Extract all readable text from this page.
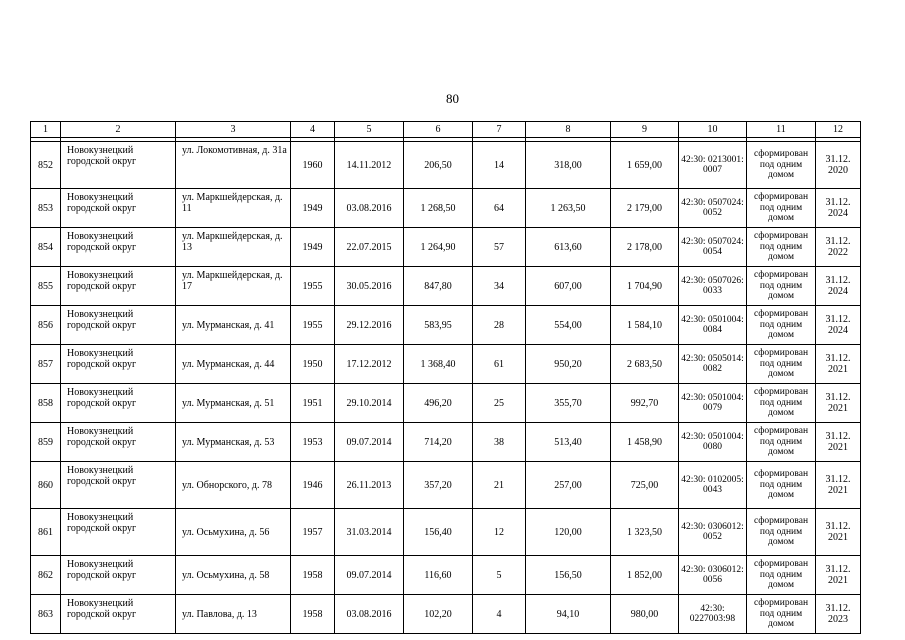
80
1	2	3	4	5	6	7	8	9	10	11	12

852	Новокузнецкий городской округ	ул. Локомотивная, д. 31а	1960	14.11.2012	206,50	14	318,00	1 659,00	42:30: 0213001: 0007	сформирован под одним домом	31.12. 2020
853	Новокузнецкий городской округ	ул. Маркшейдерская, д. 11	1949	03.08.2016	1 268,50	64	1 263,50	2 179,00	42:30: 0507024: 0052	сформирован под одним домом	31.12. 2024
854	Новокузнецкий городской округ	ул. Маркшейдерская, д. 13	1949	22.07.2015	1 264,90	57	613,60	2 178,00	42:30: 0507024: 0054	сформирован под одним домом	31.12. 2022
855	Новокузнецкий городской округ	ул. Маркшейдерская, д. 17	1955	30.05.2016	847,80	34	607,00	1 704,90	42:30: 0507026: 0033	сформирован под одним домом	31.12. 2024
856	Новокузнецкий городской округ	ул. Мурманская, д. 41	1955	29.12.2016	583,95	28	554,00	1 584,10	42:30: 0501004: 0084	сформирован под одним домом	31.12. 2024
857	Новокузнецкий городской округ	ул. Мурманская, д. 44	1950	17.12.2012	1 368,40	61	950,20	2 683,50	42:30: 0505014: 0082	сформирован под одним домом	31.12. 2021
858	Новокузнецкий городской округ	ул. Мурманская, д. 51	1951	29.10.2014	496,20	25	355,70	992,70	42:30: 0501004: 0079	сформирован под одним домом	31.12. 2021
859	Новокузнецкий городской округ	ул. Мурманская, д. 53	1953	09.07.2014	714,20	38	513,40	1 458,90	42:30: 0501004: 0080	сформирован под одним домом	31.12. 2021
860	Новокузнецкий городской округ	ул. Обнорского, д. 78	1946	26.11.2013	357,20	21	257,00	725,00	42:30: 0102005: 0043	сформирован под одним домом	31.12. 2021
861	Новокузнецкий городской округ	ул. Осьмухина, д. 56	1957	31.03.2014	156,40	12	120,00	1 323,50	42:30: 0306012: 0052	сформирован под одним домом	31.12. 2021
862	Новокузнецкий городской округ	ул. Осьмухина, д. 58	1958	09.07.2014	116,60	5	156,50	1 852,00	42:30: 0306012: 0056	сформирован под одним домом	31.12. 2021
863	Новокузнецкий городской округ	ул. Павлова, д. 13	1958	03.08.2016	102,20	4	94,10	980,00	42:30: 0227003:98	сформирован под одним домом	31.12. 2023
